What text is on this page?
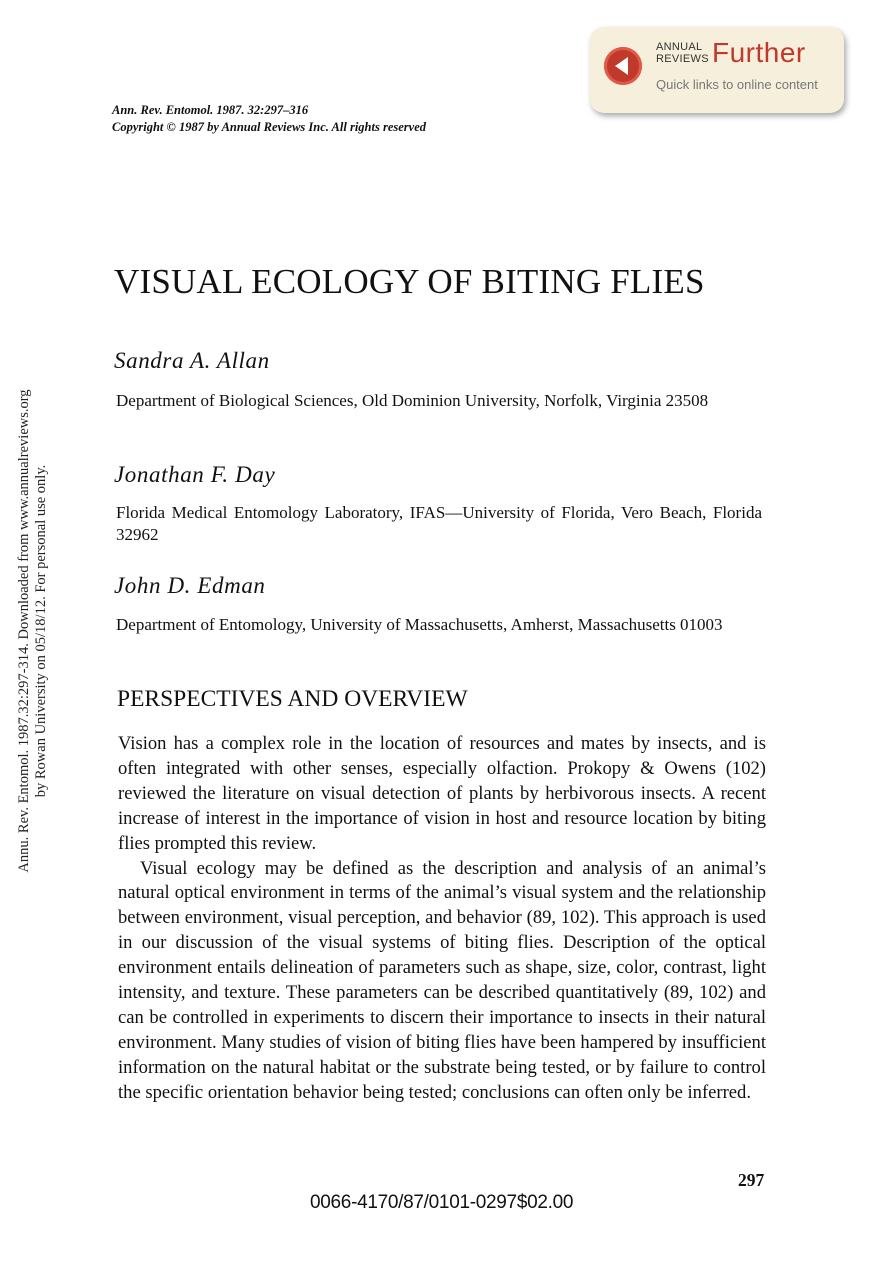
ANNUAL
REVIEWS Further
Quick links to online content
Ann. Rev. Entomol. 1987. 32:297–316
Copyright © 1987 by Annual Reviews Inc. All rights reserved
Annu. Rev. Entomol. 1987.32:297-314. Downloaded from www.annualreviews.org by Rowan University on 05/18/12. For personal use only.
VISUAL ECOLOGY OF BITING FLIES
Sandra A. Allan
Department of Biological Sciences, Old Dominion University, Norfolk, Virginia 23508
Jonathan F. Day
Florida Medical Entomology Laboratory, IFAS—University of Florida, Vero Beach, Florida 32962
John D. Edman
Department of Entomology, University of Massachusetts, Amherst, Massachusetts 01003
PERSPECTIVES AND OVERVIEW

Vision has a complex role in the location of resources and mates by insects, and is often integrated with other senses, especially olfaction. Prokopy & Owens (102) reviewed the literature on visual detection of plants by herbivorous insects. A recent increase of interest in the importance of vision in host and resource location by biting flies prompted this review.

Visual ecology may be defined as the description and analysis of an animal’s natural optical environment in terms of the animal’s visual system and the relationship between environment, visual perception, and behavior (89, 102). This approach is used in our discussion of the visual systems of biting flies. Description of the optical environment entails delineation of parameters such as shape, size, color, contrast, light intensity, and texture. These parameters can be described quantitatively (89, 102) and can be controlled in experiments to discern their importance to insects in their natural environment. Many studies of vision of biting flies have been hampered by insufficient information on the natural habitat or the substrate being tested, or by failure to control the specific orientation behavior being tested; conclusions can often only be inferred.

297
0066-4170/87/0101-0297$02.00
